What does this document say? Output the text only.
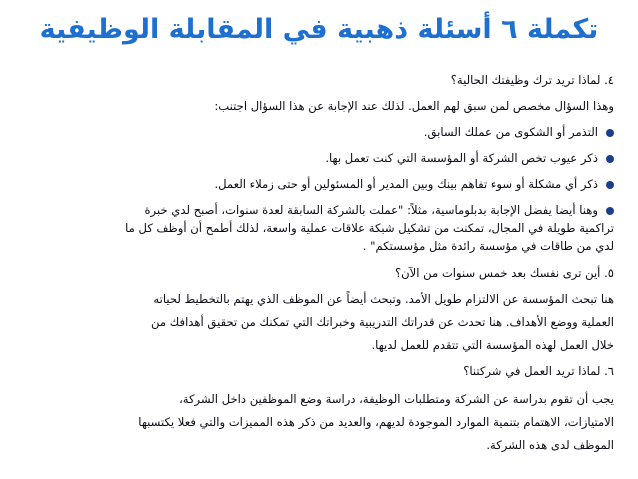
تكملة ٦ أسئلة ذهبية في المقابلة الوظيفية
٤. لماذا تريد ترك وظيفتك الحالية؟
وهذا السؤال مخصص لمن سبق لهم العمل. لذلك عند الإجابة عن هذا السؤال اجتنب:
التذمر أو الشكوى من عملك السابق.
ذكر عيوب تخص الشركة أو المؤسسة التي كنت تعمل بها.
ذكر أي مشكلة أو سوء تفاهم بينك وبين المدير أو المسئولين أو حتى زملاء العمل.
وهنا أيضا يفضل الإجابة بدبلوماسية، مثلاً: "عملت بالشركة السابقة لعدة سنوات، أصبح لدي خبرة
تراكمية طويلة في المجال، تمكنت من تشكيل شبكة علاقات عملية واسعة، لذلك أطمح أن أوظف كل ما
لدي من طاقات في مؤسسة رائدة مثل مؤسستكم" .
٥. أين ترى نفسك بعد خمس سنوات من الآن؟
هنا تبحث المؤسسة عن الالتزام طويل الأمد. وتبحث أيضاً عن الموظف الذي يهتم بالتخطيط لحياته
العملية ووضع الأهداف. هنا تحدث عن قدراتك التدريبية وخبراتك التي تمكنك من تحقيق أهدافك من
خلال العمل لهذه المؤسسة التي تتقدم للعمل لديها.
٦. لماذا تريد العمل في شركتنا؟
يجب أن تقوم بدراسة عن الشركة ومتطلبات الوظيفة، دراسة وضع الموظفين داخل الشركة،
الامتيازات، الاهتمام بتنمية الموارد الموجودة لديهم، والعديد من ذكر هذه المميزات والتي فعلا يكتسبها
الموظف لدى هذه الشركة.
